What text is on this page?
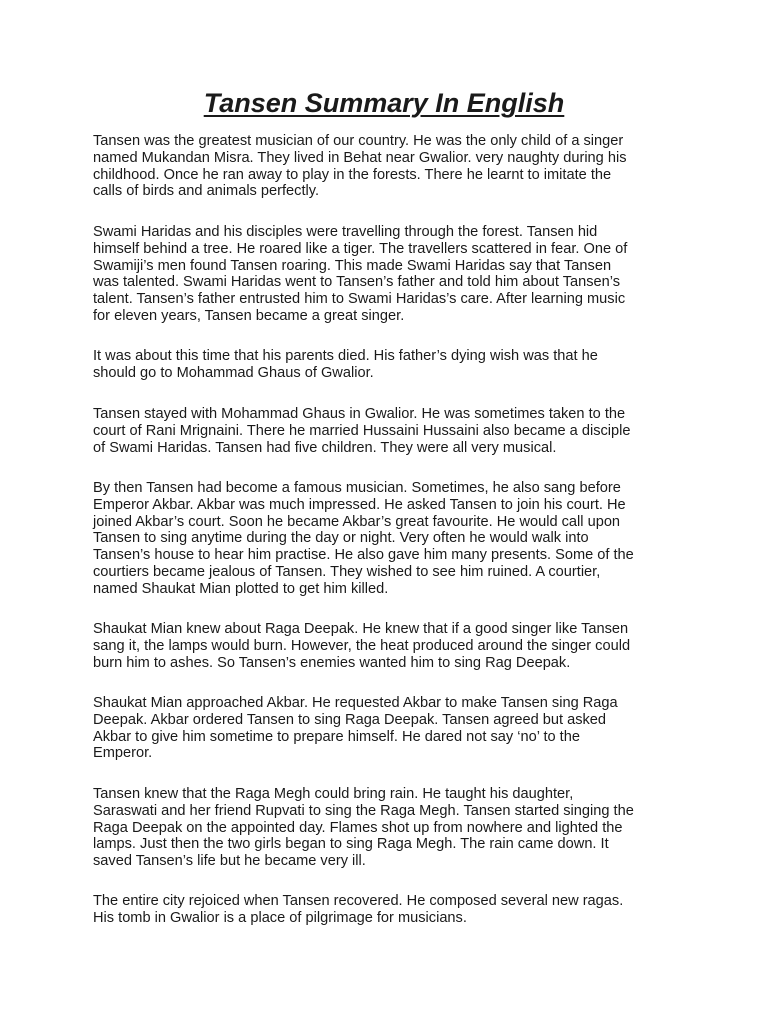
Tansen Summary In English

Tansen was the greatest musician of our country. He was the only child of a singer
named Mukandan Misra. They lived in Behat near Gwalior. very naughty during his
childhood. Once he ran away to play in the forests. There he learnt to imitate the
calls of birds and animals perfectly.

Swami Haridas and his disciples were travelling through the forest. Tansen hid
himself behind a tree. He roared like a tiger. The travellers scattered in fear. One of
Swamiji’s men found Tansen roaring. This made Swami Haridas say that Tansen
was talented. Swami Haridas went to Tansen’s father and told him about Tansen’s
talent. Tansen’s father entrusted him to Swami Haridas’s care. After learning music
for eleven years, Tansen became a great singer.

It was about this time that his parents died. His father’s dying wish was that he
should go to Mohammad Ghaus of Gwalior.

Tansen stayed with Mohammad Ghaus in Gwalior. He was sometimes taken to the
court of Rani Mrignaini. There he married Hussaini Hussaini also became a disciple
of Swami Haridas. Tansen had five children. They were all very musical.

By then Tansen had become a famous musician. Sometimes, he also sang before
Emperor Akbar. Akbar was much impressed. He asked Tansen to join his court. He
joined Akbar’s court. Soon he became Akbar’s great favourite. He would call upon
Tansen to sing anytime during the day or night. Very often he would walk into
Tansen’s house to hear him practise. He also gave him many presents. Some of the
courtiers became jealous of Tansen. They wished to see him ruined. A courtier,
named Shaukat Mian plotted to get him killed.

Shaukat Mian knew about Raga Deepak. He knew that if a good singer like Tansen
sang it, the lamps would burn. However, the heat produced around the singer could
burn him to ashes. So Tansen’s enemies wanted him to sing Rag Deepak.

Shaukat Mian approached Akbar. He requested Akbar to make Tansen sing Raga
Deepak. Akbar ordered Tansen to sing Raga Deepak. Tansen agreed but asked
Akbar to give him sometime to prepare himself. He dared not say ‘no’ to the
Emperor.

Tansen knew that the Raga Megh could bring rain. He taught his daughter,
Saraswati and her friend Rupvati to sing the Raga Megh. Tansen started singing the
Raga Deepak on the appointed day. Flames shot up from nowhere and lighted the
lamps. Just then the two girls began to sing Raga Megh. The rain came down. It
saved Tansen’s life but he became very ill.

The entire city rejoiced when Tansen recovered. He composed several new ragas.
His tomb in Gwalior is a place of pilgrimage for musicians.
